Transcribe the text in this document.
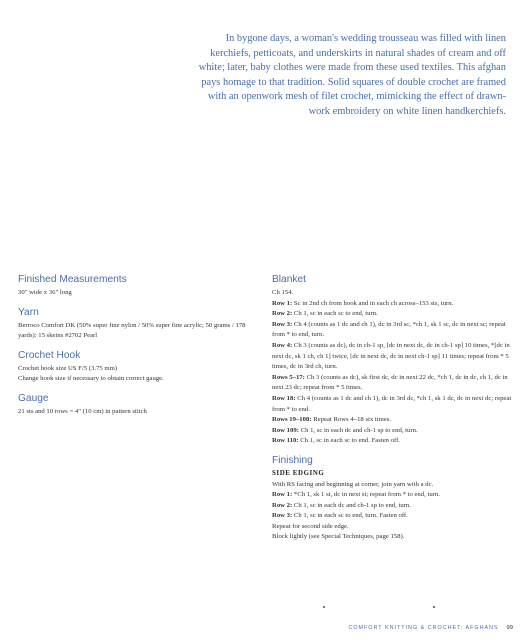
In bygone days, a woman's wedding trousseau was filled with linen kerchiefs, petticoats, and underskirts in natural shades of cream and off white; later, baby clothes were made from these used textiles. This afghan pays homage to that tradition. Solid squares of double crochet are framed with an openwork mesh of filet crochet, mimicking the effect of drawn-work embroidery on white linen handkerchiefs.

Finished Measurements

30" wide x 36" long

Yarn

Berroco Comfort DK (50% super fine nylon / 50% super fine acrylic; 50 grams / 178 yards): 15 skeins #2702 Pearl

Crochet Hook

Crochet hook size US F/5 (3.75 mm)

Change hook size if necessary to obtain correct gauge.

Gauge

21 sts and 10 rows = 4" (10 cm) in pattern stitch

Blanket

Ch 154.

Row 1: Sc in 2nd ch from hook and in each ch across–153 sts, turn.

Row 2: Ch 1, sc in each sc to end, turn.

Row 3: Ch 4 (counts as 1 dc and ch 1), dc in 3rd sc, *ch 1, sk 1 sc, dc in next sc; repeat from * to end, turn.

Row 4: Ch 3 (counts as dc), dc in ch-1 sp, [dc in next dc, dc in ch-1 sp] 10 times, *[dc in next dc, sk 1 ch, ch 1] twice, [dc in next dc, dc in next ch-1 sp] 11 times; repeat from * 5 times, dc in 3rd ch, turn.

Rows 5–17: Ch 3 (counts as dc), sk first dc, dc in next 22 dc, *ch 1, dc in dc, ch 1, dc in next 23 dc; repeat from * 5 times.

Row 18: Ch 4 (counts as 1 dc and ch 1), dc in 3rd dc, *ch 1, sk 1 dc, dc in next dc; repeat from * to end.

Rows 19–108: Repeat Rows 4–18 six times.

Row 109: Ch 1, sc in each dc and ch-1 sp to end, turn.

Row 110: Ch 1, sc in each sc to end. Fasten off.

Finishing

SIDE EDGING

With RS facing and beginning at corner, join yarn with a dc.

Row 1: *Ch 1, sk 1 st, dc in next st; repeat from * to end, turn.

Row 2: Ch 1, sc in each dc and ch-1 sp to end, turn.

Row 3: Ch 1, sc in each sc to end, turn. Fasten off.

Repeat for second side edge.

Block lightly (see Special Techniques, page 158).

COMFORT KNITTING & CROCHET: AFGHANS 99
